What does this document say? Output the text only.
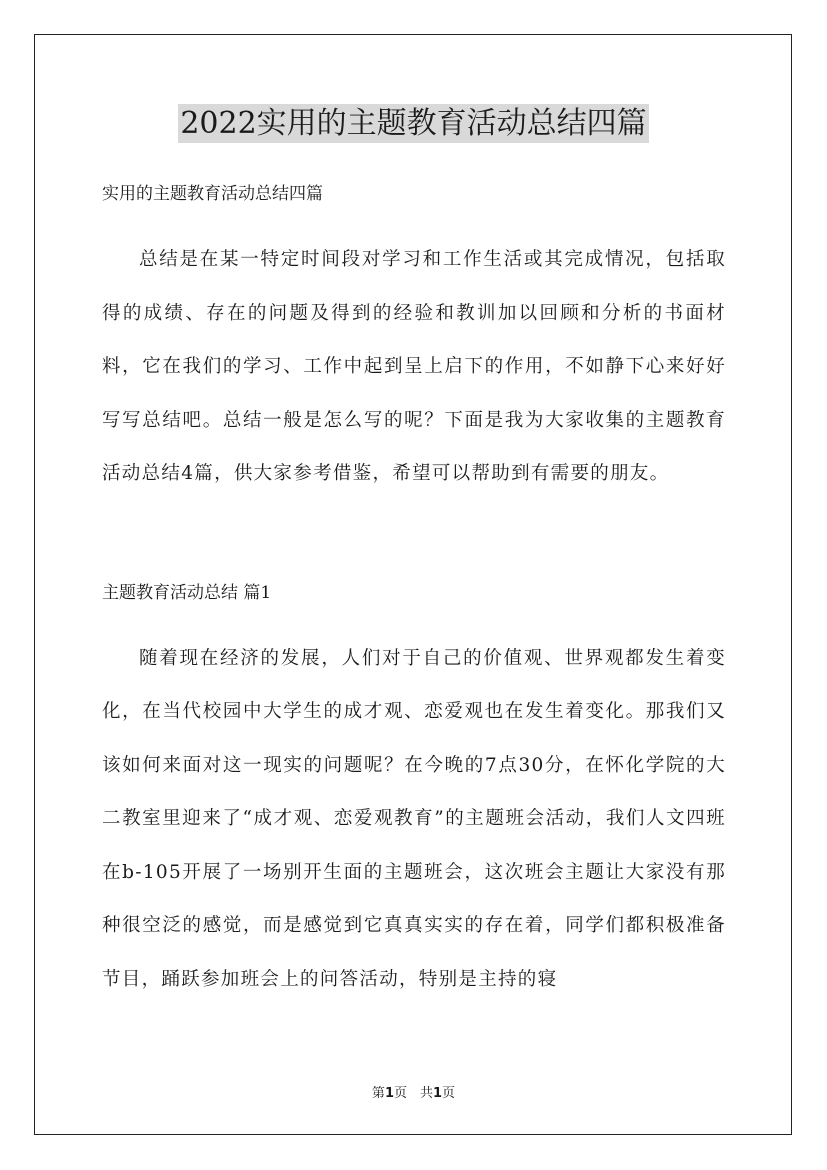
2022实用的主题教育活动总结四篇

实用的主题教育活动总结四篇

总结是在某一特定时间段对学习和工作生活或其完成情况，包括取得的成绩、存在的问题及得到的经验和教训加以回顾和分析的书面材料，它在我们的学习、工作中起到呈上启下的作用，不如静下心来好好写写总结吧。总结一般是怎么写的呢？下面是我为大家收集的主题教育活动总结4篇，供大家参考借鉴，希望可以帮助到有需要的朋友。

主题教育活动总结 篇1

随着现在经济的发展，人们对于自己的价值观、世界观都发生着变化，在当代校园中大学生的成才观、恋爱观也在发生着变化。那我们又该如何来面对这一现实的问题呢？在今晚的7点30分，在怀化学院的大二教室里迎来了“成才观、恋爱观教育”的主题班会活动，我们人文四班在b-105开展了一场别开生面的主题班会，这次班会主题让大家没有那种很空泛的感觉，而是感觉到它真真实实的存在着，同学们都积极准备节目，踊跃参加班会上的问答活动，特别是主持的寝

第1页　共1页
